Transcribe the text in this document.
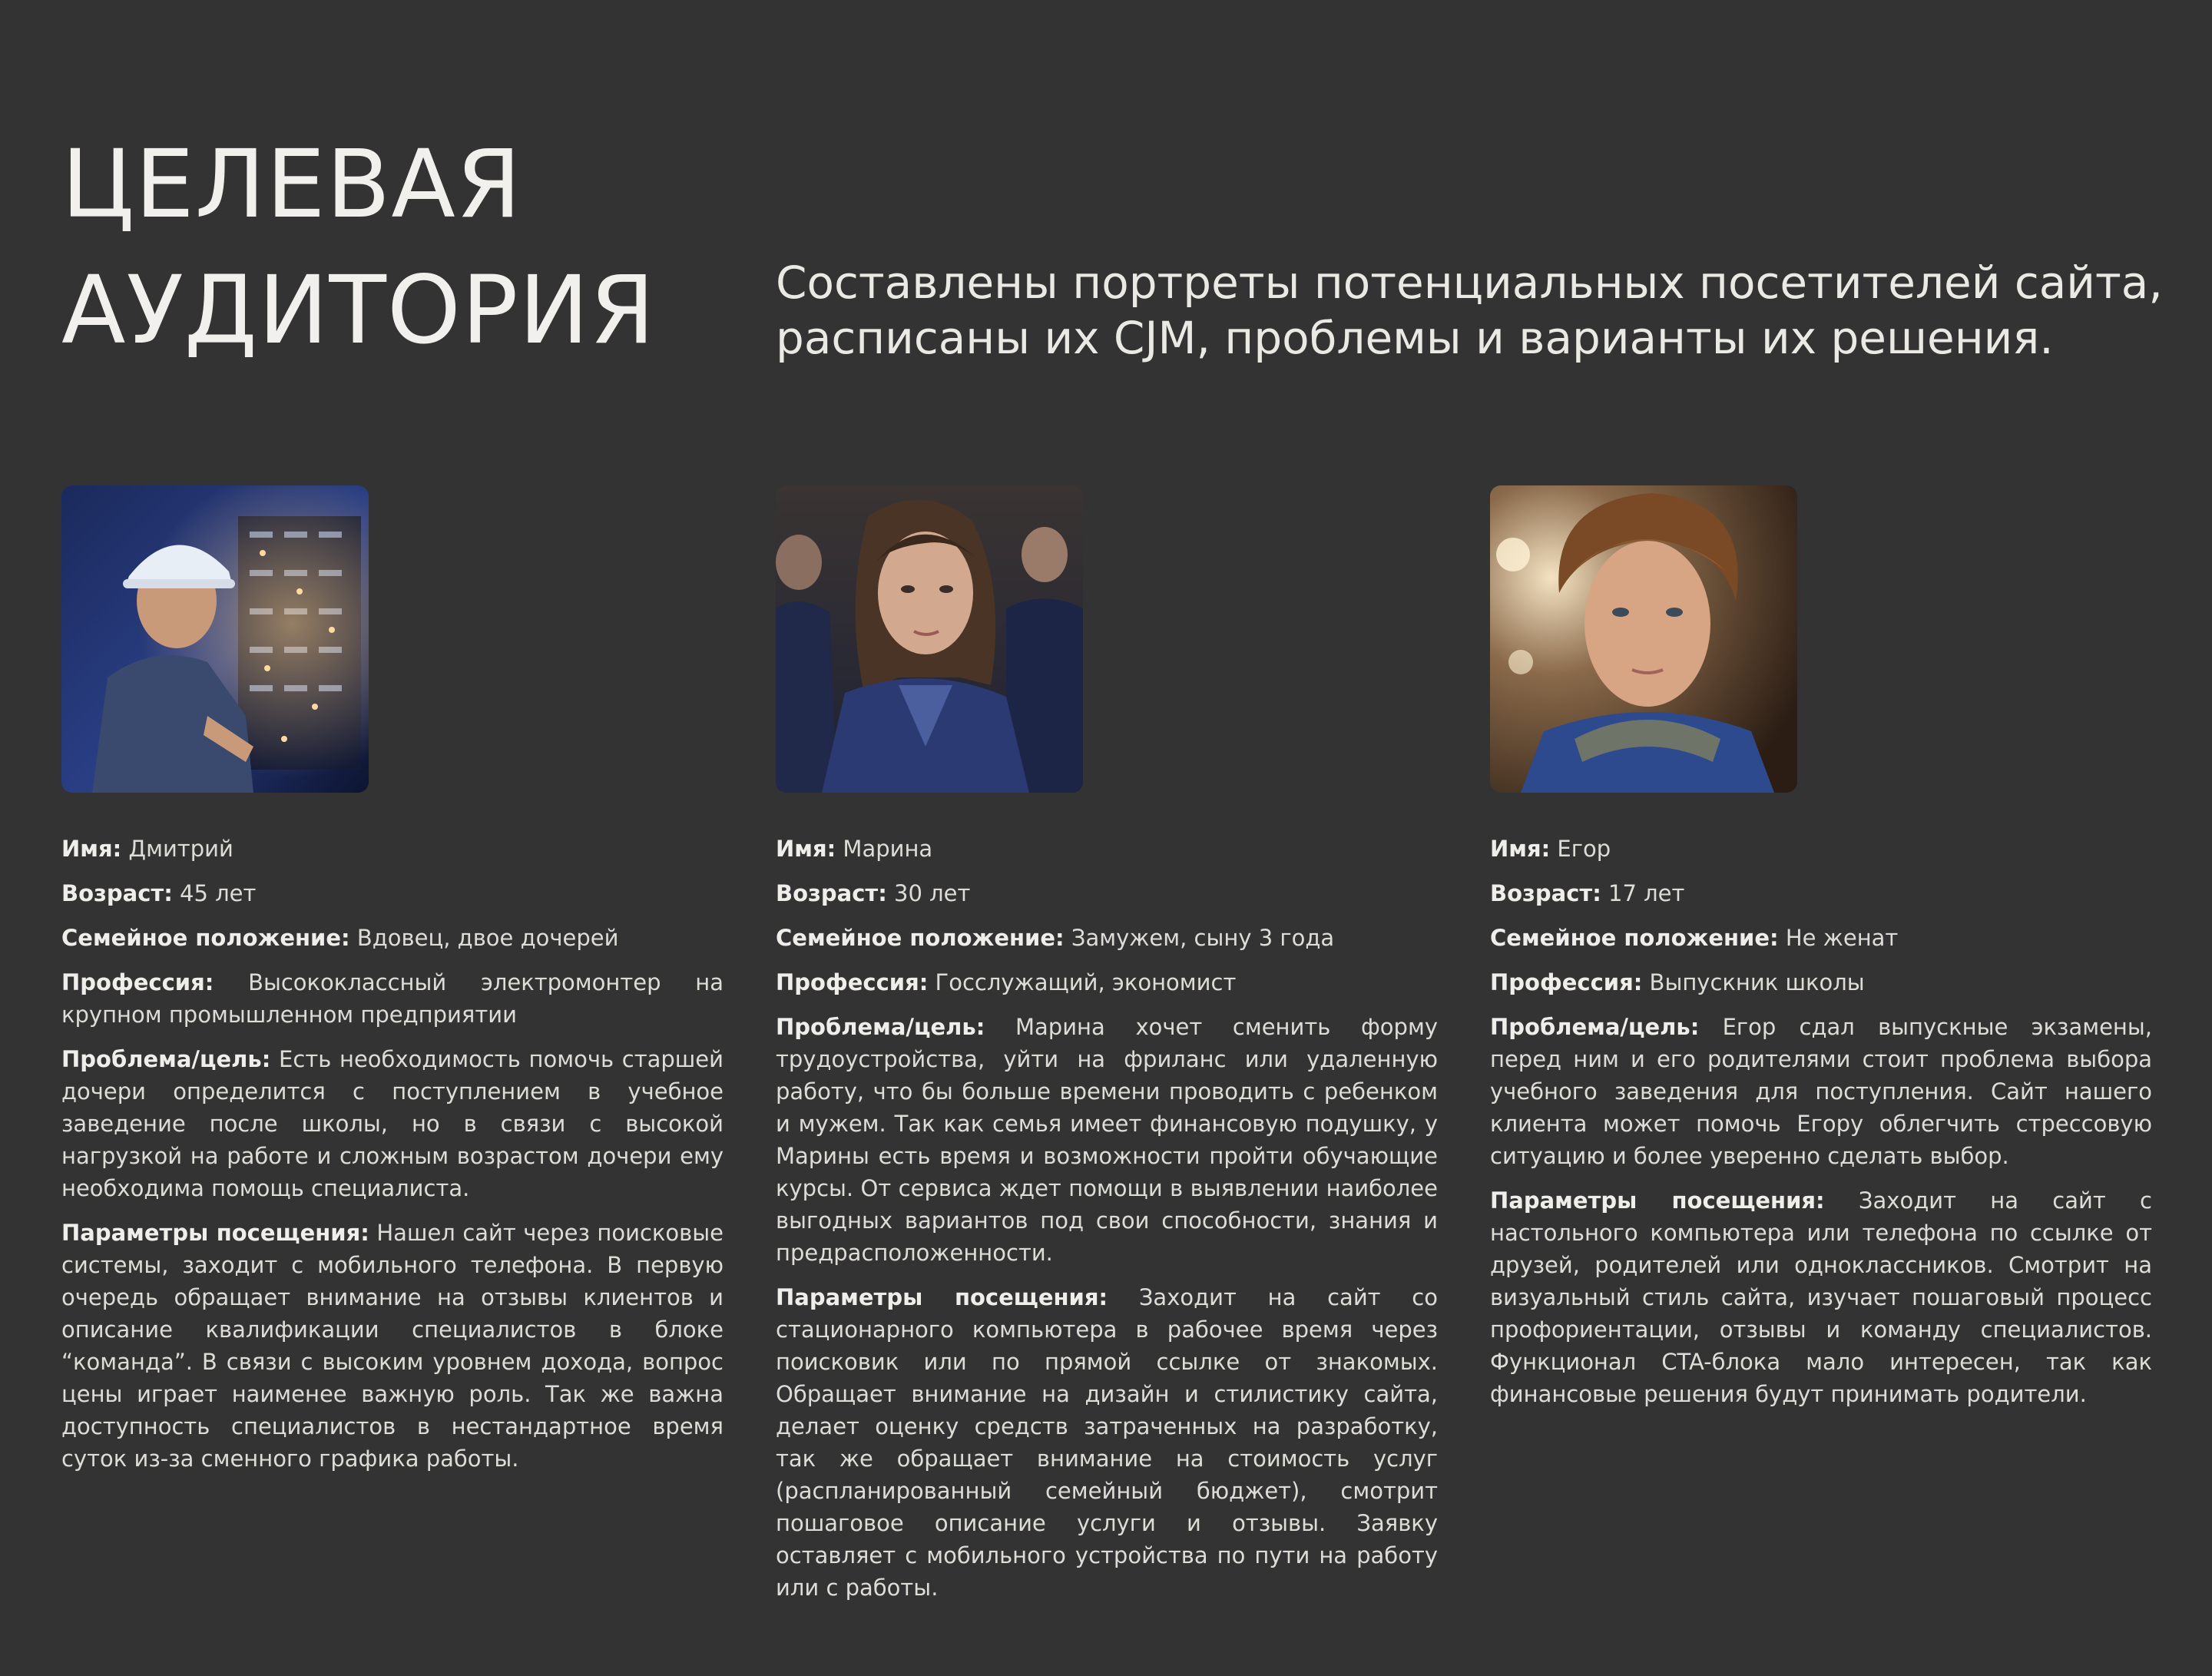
ЦЕЛЕВАЯ
АУДИТОРИЯ	Составлены портреты потенциальных посетителей сайта,
расписаны их CJM, проблемы и варианты их решения.

Имя: Дмитрий

Возраст: 45 лет

Семейное положение: Вдовец, двое дочерей

Профессия: Высококлассный электромонтер на крупном промышленном предприятии

Проблема/цель: Есть необходимость помочь старшей дочери определится с поступлением в учебное заведение после школы, но в связи с высокой нагрузкой на работе и сложным возрастом дочери ему необходима помощь специалиста.

Параметры посещения: Нашел сайт через поисковые системы, заходит с мобильного телефона. В первую очередь обращает внимание на отзывы клиентов и описание квалификации специалистов в блоке “команда”. В связи с высоким уровнем дохода, вопрос цены играет наименее важную роль. Так же важна доступность специалистов в нестандартное время суток из-за сменного графика работы.

Имя: Марина

Возраст: 30 лет

Семейное положение: Замужем, сыну 3 года

Профессия: Госслужащий, экономист

Проблема/цель: Марина хочет сменить форму трудоустройства, уйти на фриланс или удаленную работу, что бы больше времени проводить с ребенком и мужем. Так как семья имеет финансовую подушку, у Марины есть время и возможности пройти обучающие курсы. От сервиса ждет помощи в выявлении наиболее выгодных вариантов под свои способности, знания и предрасположенности.

Параметры посещения: Заходит на сайт со стационарного компьютера в рабочее время через поисковик или по прямой ссылке от знакомых. Обращает внимание на дизайн и стилистику сайта, делает оценку средств затраченных на разработку, так же обращает внимание на стоимость услуг (распланированный семейный бюджет), смотрит пошаговое описание услуги и отзывы. Заявку оставляет с мобильного устройства по пути на работу или с работы.

Имя: Егор

Возраст: 17 лет

Семейное положение: Не женат

Профессия: Выпускник школы

Проблема/цель: Егор сдал выпускные экзамены, перед ним и его родителями стоит проблема выбора учебного заведения для поступления. Сайт нашего клиента может помочь Егору облегчить стрессовую ситуацию и более уверенно сделать выбор.

Параметры посещения: Заходит на сайт с настольного компьютера или телефона по ссылке от друзей, родителей или одноклассников. Смотрит на визуальный стиль сайта, изучает пошаговый процесс профориентации, отзывы и команду специалистов. Функционал CTA-блока мало интересен, так как финансовые решения будут принимать родители.
